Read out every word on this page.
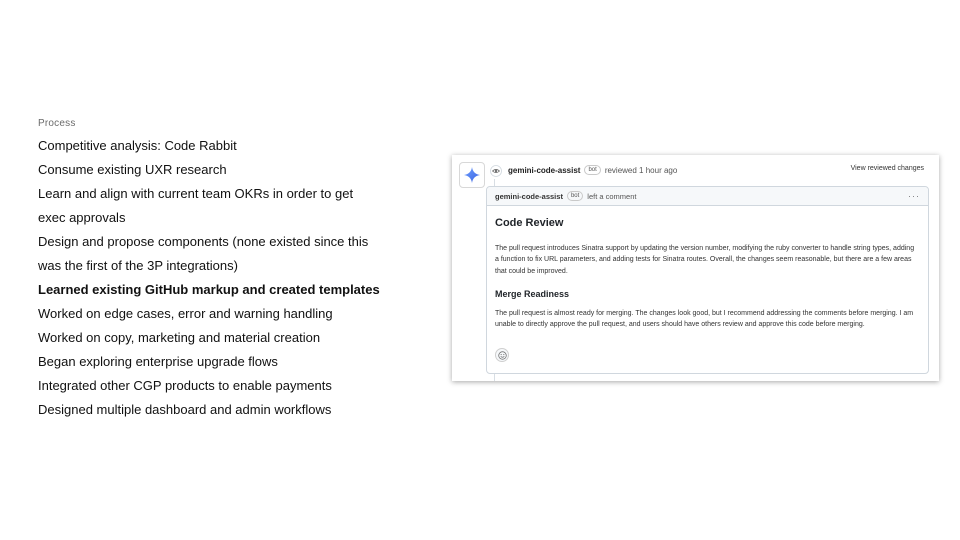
Process
Competitive analysis: Code Rabbit
Consume existing UXR research
Learn and align with current team OKRs in order to get
exec approvals
Design and propose components (none existed since this
was the first of the 3P integrations)
Learned existing GitHub markup and created templates
Worked on edge cases, error and warning handling
Worked on copy, marketing and material creation
Began exploring enterprise upgrade flows
Integrated other CGP products to enable payments
Designed multiple dashboard and admin workflows
gemini-code-assist	bot	reviewed 1 hour ago	View reviewed changes
gemini-code-assist	bot	left a comment	···
Code Review
The pull request introduces Sinatra support by updating the version number, modifying the ruby converter to handle string types, adding a function to fix URL parameters, and adding tests for Sinatra routes. Overall, the changes seem reasonable, but there are a few areas that could be improved.
Merge Readiness
The pull request is almost ready for merging. The changes look good, but I recommend addressing the comments before merging. I am unable to directly approve the pull request, and users should have others review and approve this code before merging.
